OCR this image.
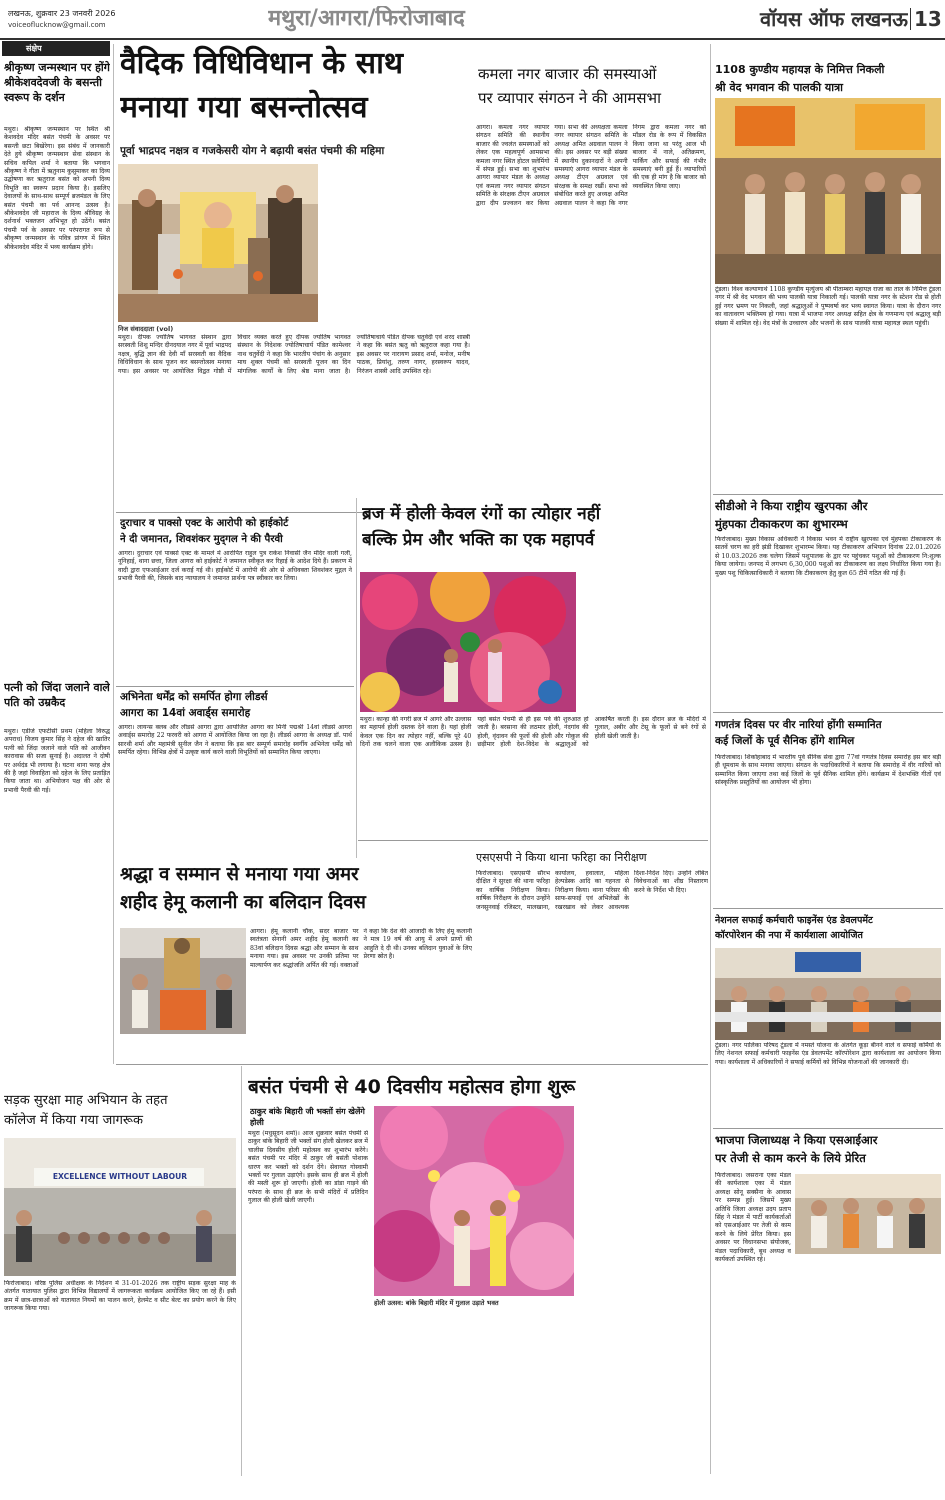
लखनऊ, शुक्रवार 23 जनवरी 2026
voiceoflucknow@gmail.com	मथुरा/आगरा/फिरोजाबाद	वॉयस ऑफ लखनऊ 13
संक्षेप
श्रीकृष्ण जन्मस्थान पर होंगे श्रीकेशवदेवजी के बसन्ती स्वरूप के दर्शन
मथुरा। श्रीकृष्ण जन्मस्थान पर स्थित श्री केशवदेव मंदिर बसंत पंचमी के अवसर पर बसन्ती छटा बिखेरेगा। इस संबंध में जानकारी देते हुये श्रीकृष्ण जन्मस्थान सेवा संस्थान के सचिव कपिल शर्मा ने बताया कि भगवान श्रीकृष्ण ने गीता में ऋतुनाम कुसुमाकर का दिव्य उद्घोषणा कर ऋतुराज बसंत को अपनी दिव्य विभूति का स्वरूप प्रदान किया है। इसलिए देवालयों के साथ-साथ सम्पूर्ण ब्रजमंडल के लिए बसंत पंचमी का पर्व आनन्द उत्सव है। श्रीकेशवदेव जी महाराज के दिव्य श्रीविग्रह के दर्शनार्थ भक्तजन अभिभूत हो उठेंगे। बसंत पंचमी पर्व के अवसर पर परंपरागत रूप से श्रीकृष्ण जन्मस्थान के पवित्र प्रांगण में स्थित श्रीकेशवदेव मंदिर में भव्य कार्यक्रम होंगे।
पत्नी को जिंदा जलाने वाले पति को उम्रकैद
मथुरा। एडीजे एफटीसी प्रथम (महिला विरुद्ध अपराध) विजय कुमार सिंह ने दहेज की खातिर पत्नी को जिंदा जलाने वाले पति को आजीवन कारावास की सजा सुनाई है। अदालत ने दोषी पर अर्थदंड भी लगाया है। घटना थाना फरह क्षेत्र की है जहां विवाहिता को दहेज के लिए प्रताड़ित किया जाता था। अभियोजन पक्ष की ओर से प्रभावी पैरवी की गई।
वैदिक विधिविधान के साथ
मनाया गया बसन्तोत्सव
पूर्वा भाद्रपद नक्षत्र व गजकेसरी योग ने बढ़ायी बसंत पंचमी की महिमा
निज संवाददाता (vol)
मथुरा। दीपक ज्योतिष भागवत संस्थान द्वारा सरस्वती शिशु मन्दिर दीनदयाल नगर में पूर्वा भाद्रपद नक्षत्र, बुद्धि ज्ञान की देवी माँ सरस्वती का वैदिक विधिविधान के साथ पूजन कर बसन्तोत्सव मनाया गया। इस अवसर पर आयोजित विद्वत गोष्ठी में विचार व्यक्त करते हुए दीपक ज्योतिष भागवत संस्थान के निदेशक ज्योतिषाचार्य पंडित कामेश्वर नाथ चतुर्वेदी ने कहा कि भारतीय पंचांग के अनुसार माघ शुक्ल पंचमी को सरस्वती पूजन का दिन मांगलिक कार्यों के लिए श्रेष्ठ माना जाता है। ज्योतिषाचार्य पंडित दीपक चतुर्वेदी एवं शरद शास्त्री ने कहा कि बसंत ऋतु को ऋतुराज कहा गया है। इस अवसर पर नारायण प्रसाद शर्मा, मनोज, मनीष पाठक, प्रियांशु, तरुण नागर, हरस्वरूप यादव, निरंजन शास्त्री आदि उपस्थित रहे।
कमला नगर बाजार की समस्याओं
पर व्यापार संगठन ने की आमसभा
आगरा। कमला नगर व्यापार संगठन समिति की स्थानीय बाजार की ज्वलंत समस्याओं को लेकर एक महत्वपूर्ण आमसभा कमला नगर स्थित होटल फ़्लेमिंगो में संपन्न हुई। सभा का शुभारंभ आगरा व्यापार मंडल के अध्यक्ष एवं कमला नगर व्यापार संगठन समिति के संरक्षक टीएन अग्रवाल द्वारा दीप प्रज्वलन कर किया गया। सभा की अध्यक्षता कमला नगर व्यापार संगठन समिति के अध्यक्ष अमित अग्रवाल पालन ने की। इस अवसर पर बड़ी संख्या में स्थानीय दुकानदारों ने अपनी समस्याएं आगरा व्यापार मंडल के अध्यक्ष टीएन अग्रवाल एवं संरक्षक के समक्ष रखीं। सभा को संबोधित करते हुए अध्यक्ष अमित अग्रवाल पालन ने कहा कि नगर निगम द्वारा कमला नगर को मॉडल रोड के रूप में विकसित किया जाना था परंतु आज भी बाजार में नाले, अतिक्रमण, पार्किंग और सफाई की गंभीर समस्याएं बनी हुई हैं। व्यापारियों की एक ही मांग है कि बाजार को व्यवस्थित किया जाए।
1108 कुण्डीय महायज्ञ के निमित्त निकली
श्री वेद भगवान की पालकी यात्रा
टूंडला। विश्व कल्याणार्थ 1108 कुण्डीय मृत्युंजय श्री पीताम्बरा महायज्ञ राजा का ताल के निमित्त टूंडला नगर में श्री वेद भगवान की भव्य पालकी यात्रा निकाली गई। पालकी यात्रा नगर के स्टेशन रोड से होती हुई नगर भ्रमण पर निकली, जहां श्रद्धालुओं ने पुष्पवर्षा कर भव्य स्वागत किया। यात्रा के दौरान नगर का वातावरण भक्तिमय हो गया। यात्रा में भाजपा नगर अध्यक्ष सहित क्षेत्र के गणमान्य एवं श्रद्धालु बड़ी संख्या में शामिल रहे। वेद मंत्रों के उच्चारण और भजनों के साथ पालकी यात्रा महायज्ञ स्थल पहुंची।
सीडीओ ने किया राष्ट्रीय खुरपका और
मुंहपका टीकाकरण का शुभारम्भ
फिरोजाबाद। मुख्य विकास अधिकारी ने विकास भवन में राष्ट्रीय खुरपका एवं मुंहपका टीकाकरण के सातवें चरण का हरी झंडी दिखाकर शुभारम्भ किया। यह टीकाकरण अभियान दिनांक 22.01.2026 से 10.03.2026 तक चलेगा जिसमें पशुपालक के द्वार पर पहुंचकर पशुओं को टीकाकरण नि:शुल्क किया जायेगा। जनपद में लगभग 6,30,000 पशुओं का टीकाकरण का लक्ष्य निर्धारित किया गया है। मुख्य पशु चिकित्साधिकारी ने बताया कि टीकाकरण हेतु कुल 65 टीमें गठित की गई हैं।
गणतंत्र दिवस पर वीर नारियां होंगी सम्मानित
कई जिलों के पूर्व सैनिक होंगे शामिल
फिरोजाबाद। शिकोहाबाद में भारतीय पूर्व सैनिक सेवा द्वारा 77वां गणतंत्र दिवस समारोह इस बार बड़ी ही धूमधाम के साथ मनाया जाएगा। संगठन के पदाधिकारियों ने बताया कि समारोह में वीर नारियों को सम्मानित किया जाएगा तथा कई जिलों के पूर्व सैनिक शामिल होंगे। कार्यक्रम में देशभक्ति गीतों एवं सांस्कृतिक प्रस्तुतियों का आयोजन भी होगा।
नेशनल सफाई कर्मचारी फाइनेंस एंड डेवलपमेंट
कॉरपोरेशन की नपा में कार्यशाला आयोजित
टूंडला। नगर पालिका परिषद टूंडला में नमस्ते योजना के अंतर्गत कूड़ा बीनने वाले व सफाई कर्मियों के लिए नेशनल सफाई कर्मचारी फाइनेंस एंड डेवलपमेंट कॉरपोरेशन द्वारा कार्यशाला का आयोजन किया गया। कार्यशाला में अधिकारियों ने सफाई कर्मियों को विभिन्न योजनाओं की जानकारी दी।
भाजपा जिलाध्यक्ष ने किया एसआईआर
पर तेजी से काम करने के लिये प्रेरित
फिरोजाबाद। जसराना एका मंडल की कार्यशाला एका में मंडल अध्यक्ष सोनू सक्सैना के आवास पर सम्पन्न हुई। जिसमें मुख्य अतिथि जिला अध्यक्ष उदय प्रताप सिंह ने मंडल में पार्टी कार्यकर्ताओं को एसआईआर पर तेजी से काम करने के लिये प्रेरित किया। इस अवसर पर विधानसभा संयोजक, मंडल पदाधिकारी, बूथ अध्यक्ष व कार्यकर्ता उपस्थित रहे।
दुराचार व पाक्सो एक्ट के आरोपी को हाईकोर्ट
ने दी जमानत, शिवशंकर मुद्‌गल ने की पैरवी
आगरा। दुराचार एवं पाक्सो एक्ट के मामले में आरोपित राहुल पुत्र राकेश निवासी जैन मंदिर वाली गली, नूनिहाई, थाना छत्ता, जिला आगरा को हाईकोर्ट ने जमानत स्वीकृत कर रिहाई के आदेश दिये हैं। प्रकरण में वादी द्वारा एफआईआर दर्ज कराई गई थी। हाईकोर्ट में आरोपी की ओर से अधिवक्ता शिवशंकर मुद्गल ने प्रभावी पैरवी की, जिसके बाद न्यायालय ने जमानत प्रार्थना पत्र स्वीकार कर लिया।
अभिनेता धर्मेंद्र को समर्पित होगा लीडर्स
आगरा का 14वां अवार्ड्स समारोह
आगरा। लायन्स क्लब और लीडर्स आगरा द्वारा आयोजित आगरा का मिनी पद्मश्री 14वां लीडर्स आगरा अवार्ड्स समारोह 22 फरवरी को आगरा में आयोजित किया जा रहा है। लीडर्स आगरा के अध्यक्ष डॉ. पार्थ सारथी शर्मा और महामंत्री सुनील जैन ने बताया कि इस बार सम्पूर्ण समारोह स्वर्गीय अभिनेता धर्मेंद्र को समर्पित रहेगा। विभिन्न क्षेत्रों में उत्कृष्ट कार्य करने वाली विभूतियों को सम्मानित किया जाएगा।
ब्रज में होली केवल रंगों का त्योहार नहीं
बल्कि प्रेम और भक्ति का एक महापर्व
मथुरा। कान्हा की नगरी ब्रज में आगरे और उल्लास का महापर्व होली दस्तक देने वाला है। यहां होली केवल एक दिन का त्योहार नहीं, बल्कि पूरे 40 दिनों तक चलने वाला एक अलौकिक उत्सव है। यहां बसंत पंचमी से ही इस पर्व की शुरुआत हो जाती है। बरसाना की लठमार होली, नंदगांव की होली, वृंदावन की फूलों की होली और गोकुल की छड़ीमार होली देश-विदेश के श्रद्धालुओं को आकर्षित करती है। इस दौरान ब्रज के मंदिरों में गुलाल, अबीर और टेसू के फूलों से बने रंगों से होली खेली जाती है।
एसएसपी ने किया थाना फरिहा का निरीक्षण
फिरोजाबाद। एसएसपी सौरभ दीक्षित ने सुरक्षा की थाना फरिहा का वार्षिक निरीक्षण किया। वार्षिक निरीक्षण के दौरान उन्होंने जनसुनवाई रजिस्टर, मालखाना, कार्यालय, हवालात, महिला हेल्पडेस्क आदि का गहनता से निरीक्षण किया। थाना परिसर की साफ-सफाई एवं अभिलेखों के रखरखाव को लेकर आवश्यक दिशा-निर्देश दिए। उन्होंने लंबित विवेचनाओं का शीघ्र निस्तारण करने के निर्देश भी दिए।
श्रद्धा व सम्मान से मनाया गया अमर
शहीद हेमू कलानी का बलिदान दिवस
आगरा। हेमू कलानी चौक, सदर बाजार पर स्वतंत्रता सेनानी अमर शहीद हेमू कलानी का 83वां बलिदान दिवस श्रद्धा और सम्मान के साथ मनाया गया। इस अवसर पर उनकी प्रतिमा पर माल्यार्पण कर श्रद्धांजलि अर्पित की गई। वक्ताओं ने कहा कि देश की आजादी के लिए हेमू कलानी ने मात्र 19 वर्ष की आयु में अपने प्राणों की आहुति दे दी थी। उनका बलिदान युवाओं के लिए प्रेरणा स्रोत है।
सड़क सुरक्षा माह अभियान के तहत
कॉलेज में किया गया जागरूक
EXCELLENCE WITHOUT LABOUR
फिरोजाबाद। वरिष्ठ पुलिस अधीक्षक के निर्देशन में 31-01-2026 तक राष्ट्रीय सड़क सुरक्षा माह के अंतर्गत यातायात पुलिस द्वारा विभिन्न विद्यालयों में जागरूकता कार्यक्रम आयोजित किए जा रहे हैं। इसी क्रम में छात्र-छात्राओं को यातायात नियमों का पालन करने, हेलमेट व सीट बेल्ट का प्रयोग करने के लिए जागरूक किया गया।
बसंत पंचमी से 40 दिवसीय महोत्सव होगा शुरू
ठाकुर बांके बिहारी जी भक्तों संग खेलेंगे होली
मथुरा (मधुसूदन शर्मा)। आज शुक्रवार बसंत पंचमी से ठाकुर बांके बिहारी जी भक्तों संग होली खेलकर ब्रज में चालीस दिवसीय होली महोत्सव का शुभारंभ करेंगे। बसंत पंचमी पर मंदिर में ठाकुर जी बसंती पोशाक धारण कर भक्तों को दर्शन देंगे। सेवायत गोस्वामी भक्तों पर गुलाल उड़ाएंगे। इसके साथ ही ब्रज में होली की मस्ती शुरू हो जाएगी। होली का डांडा गाड़ने की परंपरा के साथ ही ब्रज के सभी मंदिरों में प्रतिदिन गुलाल की होली खेली जाएगी।
होली उत्सव: बांके बिहारी मंदिर में गुलाल उड़ाते भक्त
